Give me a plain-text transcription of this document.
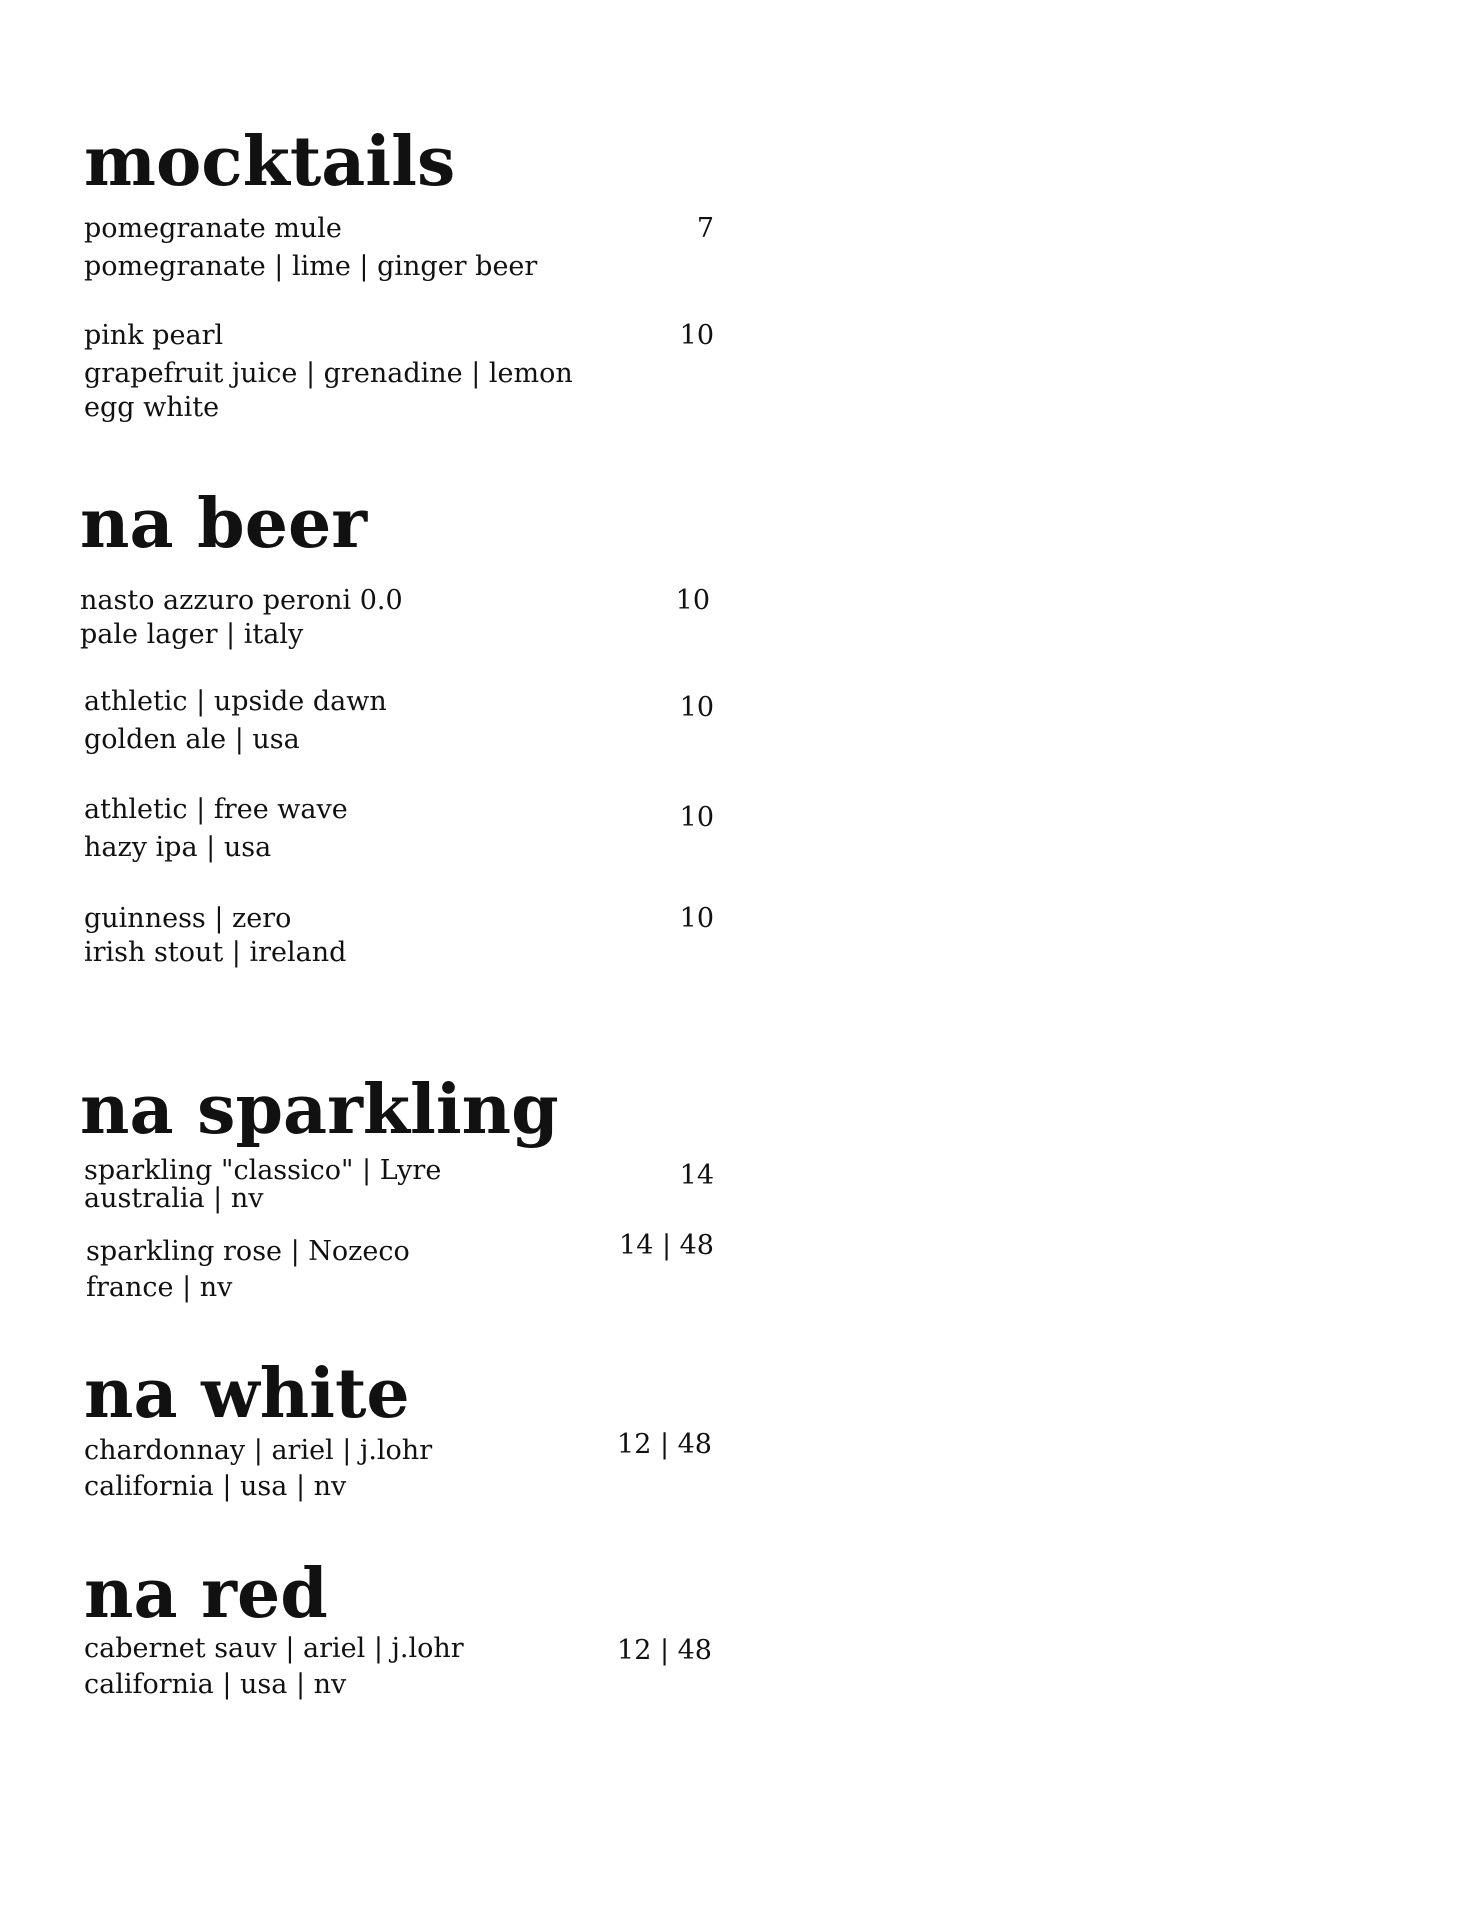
mocktails
pomegranate mule
pomegranate | lime | ginger beer
7
pink pearl
grapefruit juice | grenadine | lemon
egg white
10
na beer
nasto azzuro peroni 0.0
pale lager | italy
10
athletic | upside dawn
golden ale | usa
10
athletic | free wave
hazy ipa | usa
10
guinness | zero
irish stout | ireland
10
na sparkling
sparkling "classico" | Lyre
australia | nv
14
sparkling rose | Nozeco
france | nv
14 | 48
na white
chardonnay | ariel | j.lohr
california | usa | nv
12 | 48
na red
cabernet sauv | ariel | j.lohr
california | usa | nv
12 | 48
